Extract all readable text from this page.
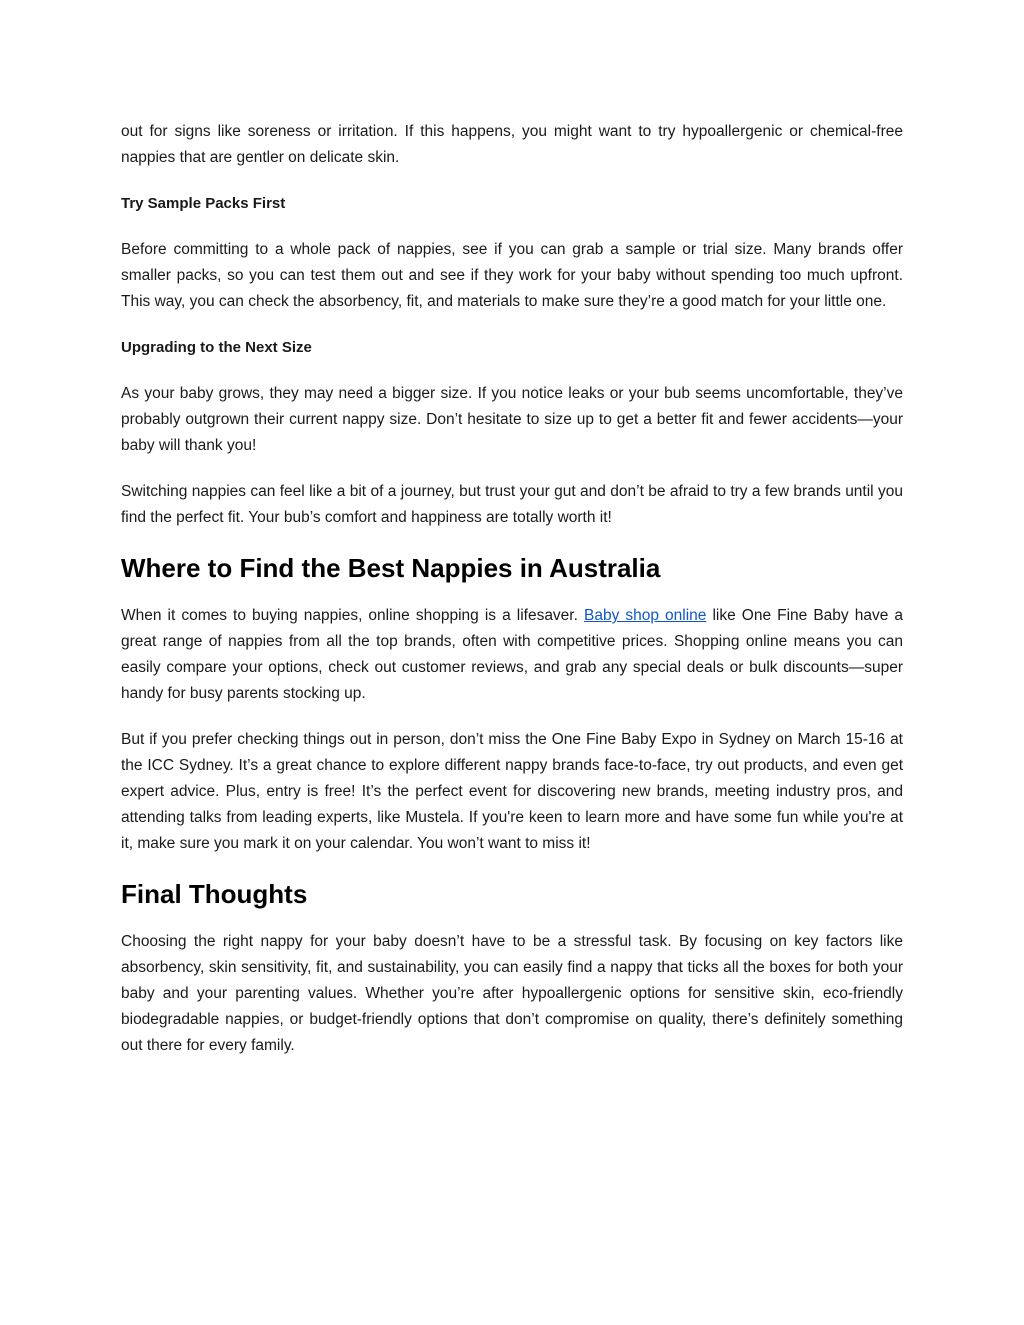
out for signs like soreness or irritation. If this happens, you might want to try hypoallergenic or chemical-free nappies that are gentler on delicate skin.

Try Sample Packs First

Before committing to a whole pack of nappies, see if you can grab a sample or trial size. Many brands offer smaller packs, so you can test them out and see if they work for your baby without spending too much upfront. This way, you can check the absorbency, fit, and materials to make sure they’re a good match for your little one.

Upgrading to the Next Size

As your baby grows, they may need a bigger size. If you notice leaks or your bub seems uncomfortable, they’ve probably outgrown their current nappy size. Don’t hesitate to size up to get a better fit and fewer accidents—your baby will thank you!

Switching nappies can feel like a bit of a journey, but trust your gut and don’t be afraid to try a few brands until you find the perfect fit. Your bub’s comfort and happiness are totally worth it!

Where to Find the Best Nappies in Australia

When it comes to buying nappies, online shopping is a lifesaver. Baby shop online like One Fine Baby have a great range of nappies from all the top brands, often with competitive prices. Shopping online means you can easily compare your options, check out customer reviews, and grab any special deals or bulk discounts—super handy for busy parents stocking up.

But if you prefer checking things out in person, don’t miss the One Fine Baby Expo in Sydney on March 15-16 at the ICC Sydney. It’s a great chance to explore different nappy brands face-to-face, try out products, and even get expert advice. Plus, entry is free! It’s the perfect event for discovering new brands, meeting industry pros, and attending talks from leading experts, like Mustela. If you're keen to learn more and have some fun while you're at it, make sure you mark it on your calendar. You won’t want to miss it!

Final Thoughts

Choosing the right nappy for your baby doesn’t have to be a stressful task. By focusing on key factors like absorbency, skin sensitivity, fit, and sustainability, you can easily find a nappy that ticks all the boxes for both your baby and your parenting values. Whether you’re after hypoallergenic options for sensitive skin, eco-friendly biodegradable nappies, or budget-friendly options that don’t compromise on quality, there’s definitely something out there for every family.
